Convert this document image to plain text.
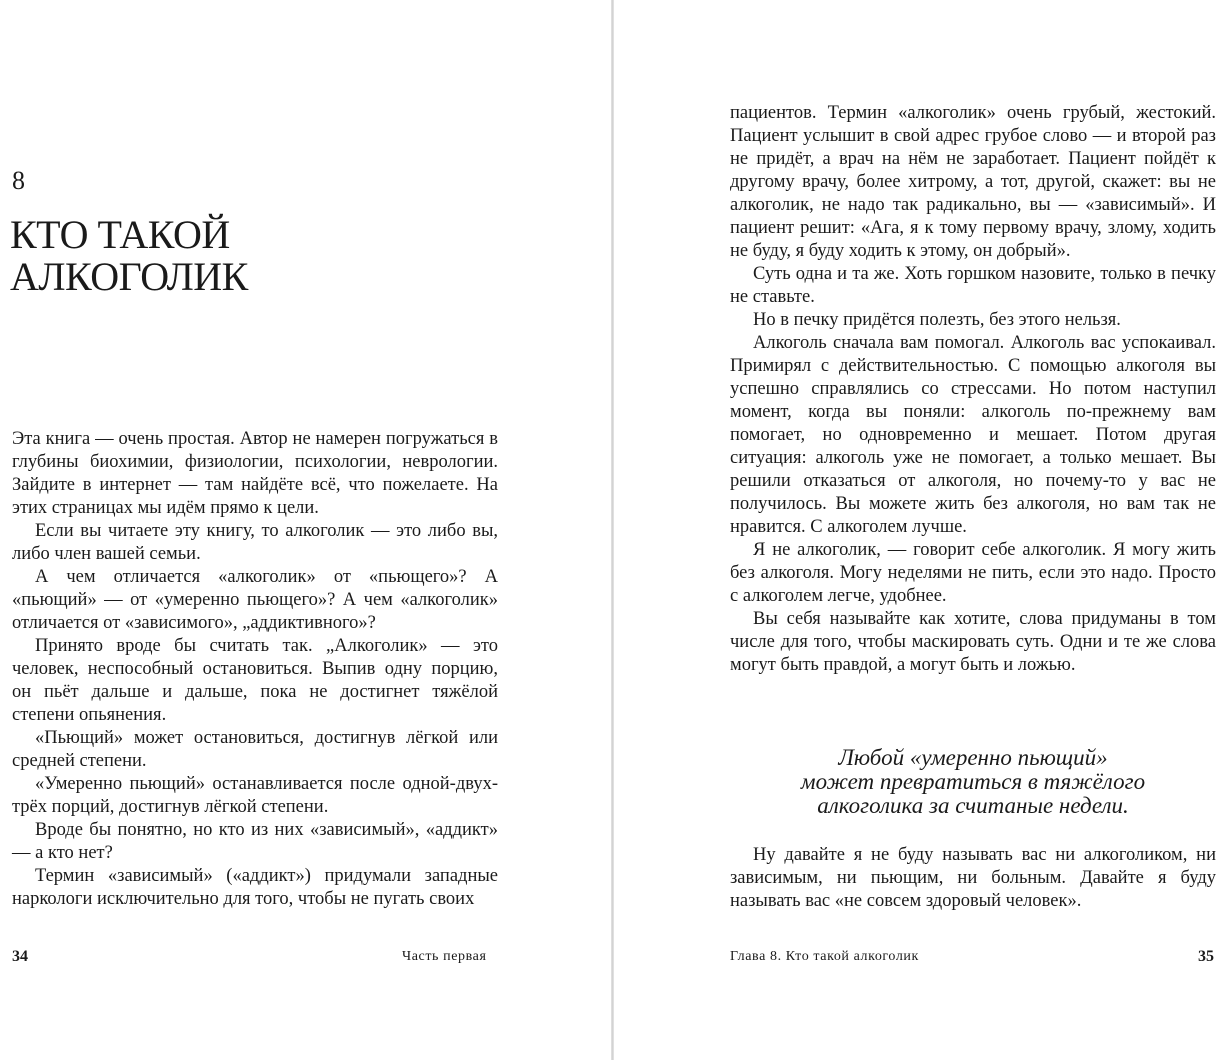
8
КТО ТАКОЙ
АЛКОГОЛИК

Эта книга — очень простая. Автор не намерен погружаться в глубины биохимии, физиологии, психологии, неврологии. Зайдите в интернет — там найдёте всё, что пожелаете. На этих страницах мы идём прямо к цели.

Если вы читаете эту книгу, то алкоголик — это либо вы, либо член вашей семьи.

А чем отличается «алкоголик» от «пьющего»? А «пьющий» — от «умеренно пьющего»? А чем «алкоголик» отличается от «зависимого», „аддиктивного»?

Принято вроде бы считать так. „Алкоголик» — это человек, неспособный остановиться. Выпив одну порцию, он пьёт дальше и дальше, пока не достигнет тяжёлой степени опьянения.

«Пьющий» может остановиться, достигнув лёгкой или средней степени.

«Умеренно пьющий» останавливается после одной-двух-трёх порций, достигнув лёгкой степени.

Вроде бы понятно, но кто из них «зависимый», «аддикт» — а кто нет?

Термин «зависимый» («аддикт») придумали западные наркологи исключительно для того, чтобы не пугать своих

34	Часть первая

пациентов. Термин «алкоголик» очень грубый, жестокий. Пациент услышит в свой адрес грубое слово — и второй раз не придёт, а врач на нём не заработает. Пациент пойдёт к другому врачу, более хитрому, а тот, другой, скажет: вы не алкоголик, не надо так радикально, вы — «зависимый». И пациент решит: «Ага, я к тому первому врачу, злому, ходить не буду, я буду ходить к этому, он добрый».

Суть одна и та же. Хоть горшком назовите, только в печку не ставьте.

Но в печку придётся полезть, без этого нельзя.

Алкоголь сначала вам помогал. Алкоголь вас успокаивал. Примирял с действительностью. С помощью алкоголя вы успешно справлялись со стрессами. Но потом наступил момент, когда вы поняли: алкоголь по-прежнему вам помогает, но одновременно и мешает. Потом другая ситуация: алкоголь уже не помогает, а только мешает. Вы решили отказаться от алкоголя, но почему-то у вас не получилось. Вы можете жить без алкоголя, но вам так не нравится. С алкоголем лучше.

Я не алкоголик, — говорит себе алкоголик. Я могу жить без алкоголя. Могу неделями не пить, если это надо. Просто с алкоголем легче, удобнее.

Вы себя называйте как хотите, слова придуманы в том числе для того, чтобы маскировать суть. Одни и те же слова могут быть правдой, а могут быть и ложью.

Любой «умеренно пьющий»
может превратиться в тяжёлого
алкоголика за считаные недели.

Ну давайте я не буду называть вас ни алкоголиком, ни зависимым, ни пьющим, ни больным. Давайте я буду называть вас «не совсем здоровый человек».

Глава 8. Кто такой алкоголик	35
